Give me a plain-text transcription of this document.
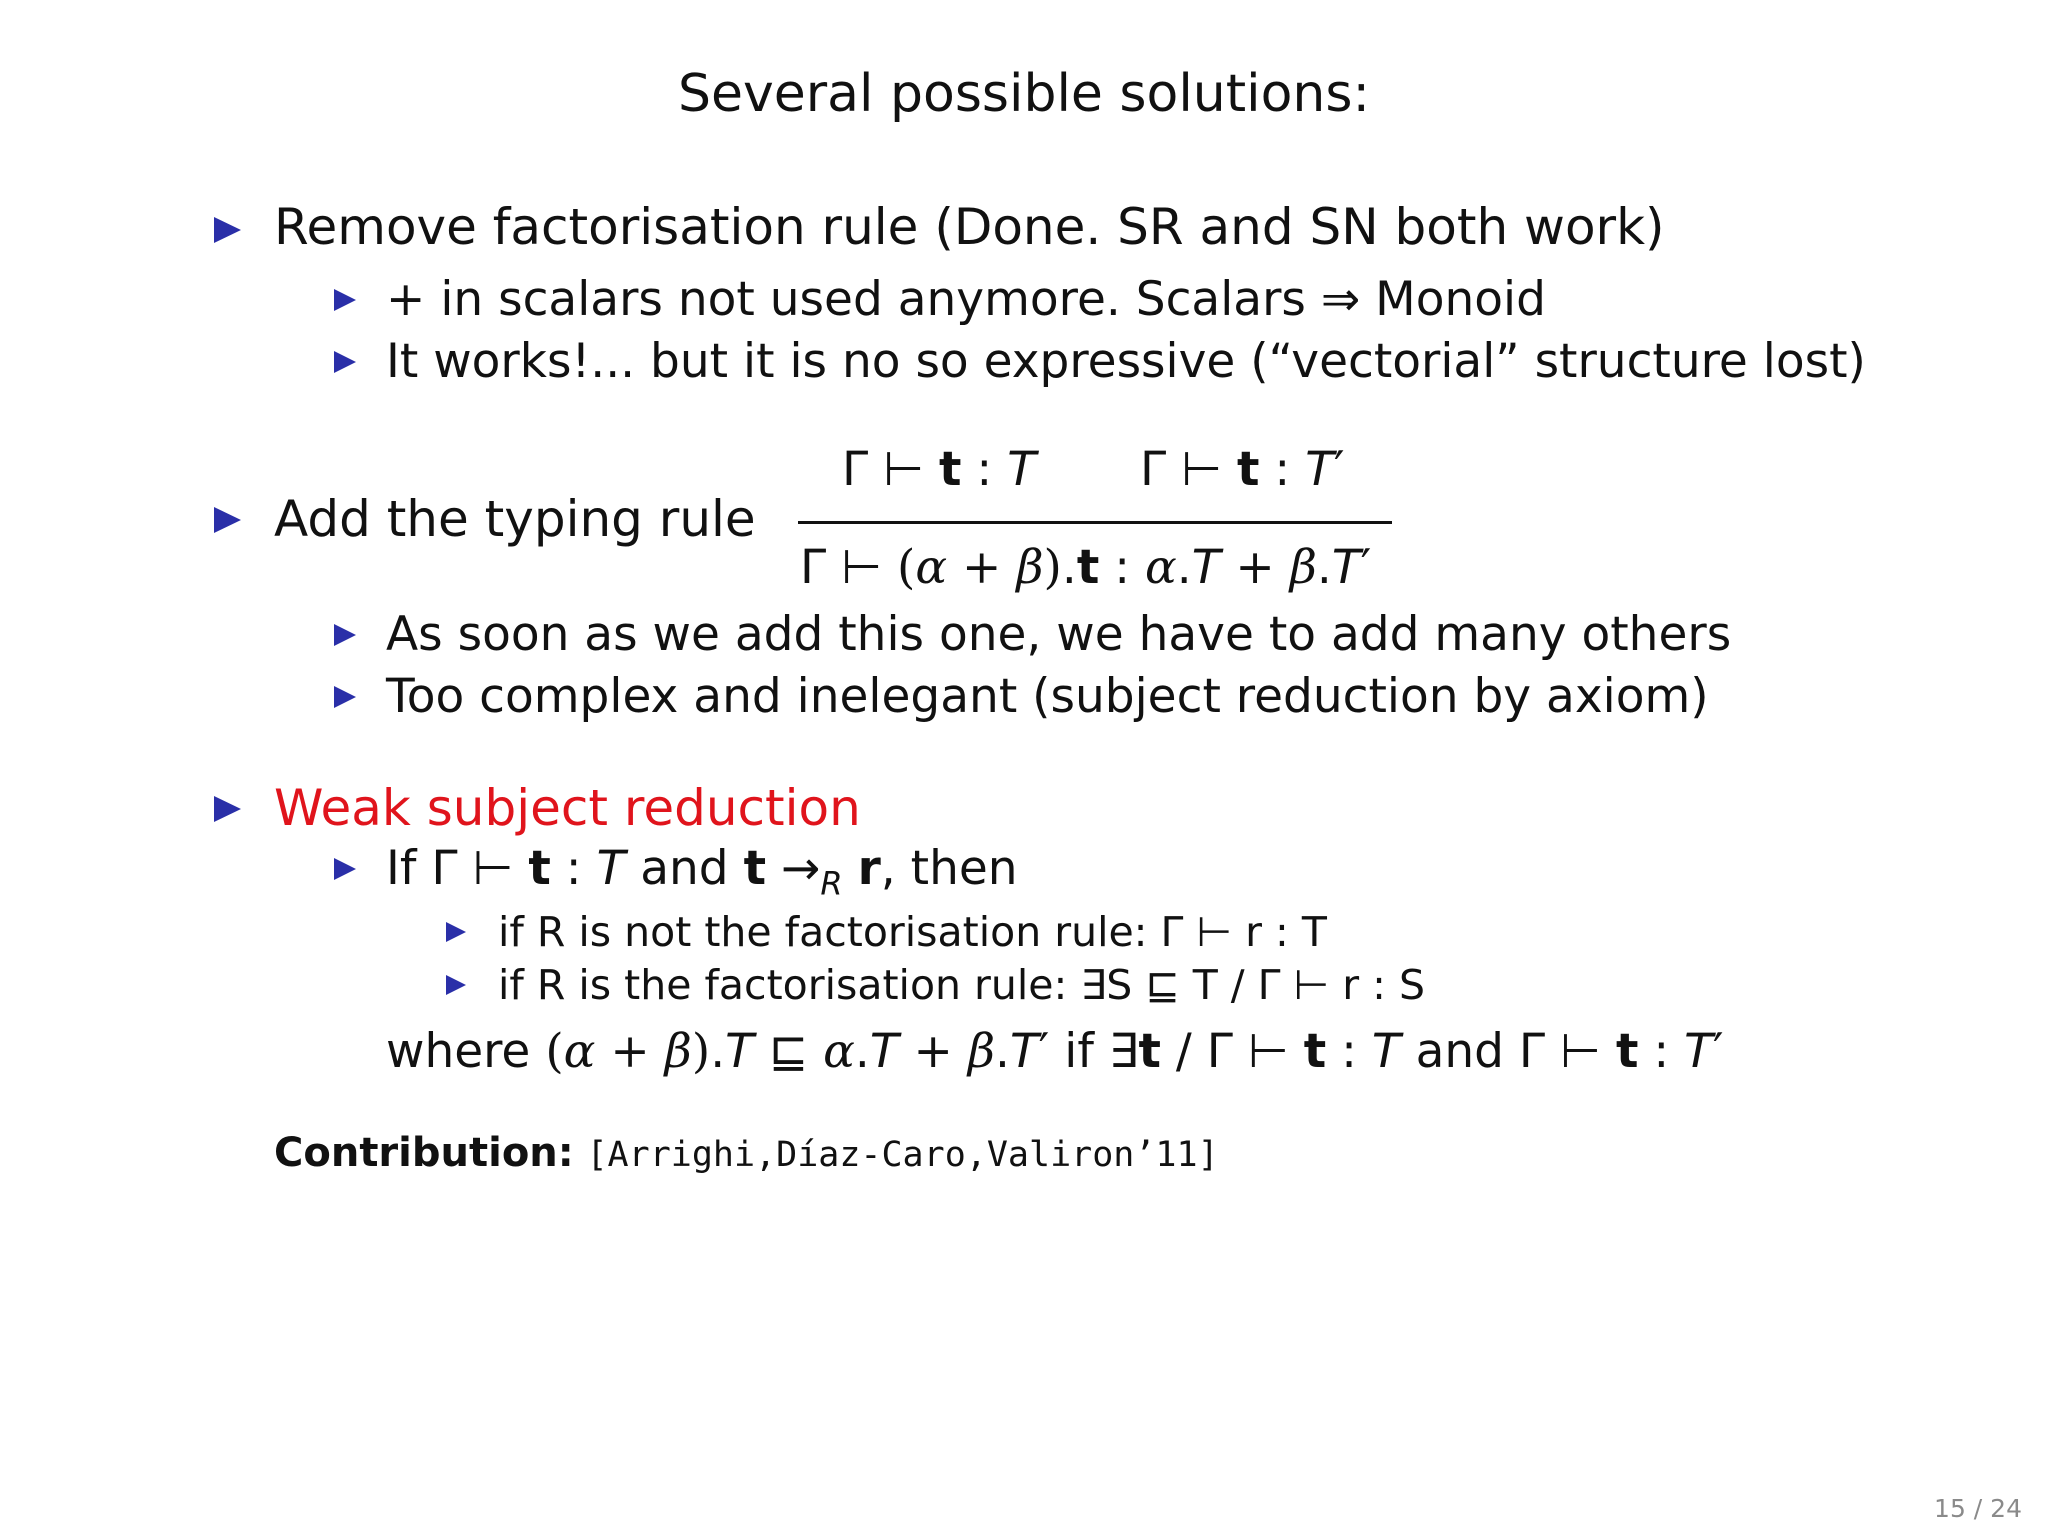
Several possible solutions:
Remove factorisation rule (Done. SR and SN both work)
+ in scalars not used anymore. Scalars ⇒ Monoid
It works!... but it is no so expressive (“vectorial” structure lost)
Add the typing rule
Γ ⊢ t : T Γ ⊢ t : T′
Γ ⊢ (α + β).t : α.T + β.T′
As soon as we add this one, we have to add many others
Too complex and inelegant (subject reduction by axiom)
Weak subject reduction
If Γ ⊢ t : T and $t \to_R$ r, then
if R is not the factorisation rule: Γ ⊢ r : T
if R is the factorisation rule: ∃S ⊑ T / Γ ⊢ r : S
where (α + β).T ⊑ α.T + β.T′ if ∃t / Γ ⊢ t : T and Γ ⊢ t : T′
Contribution: [Arrighi,Díaz-Caro,Valiron’11]
15 / 24
